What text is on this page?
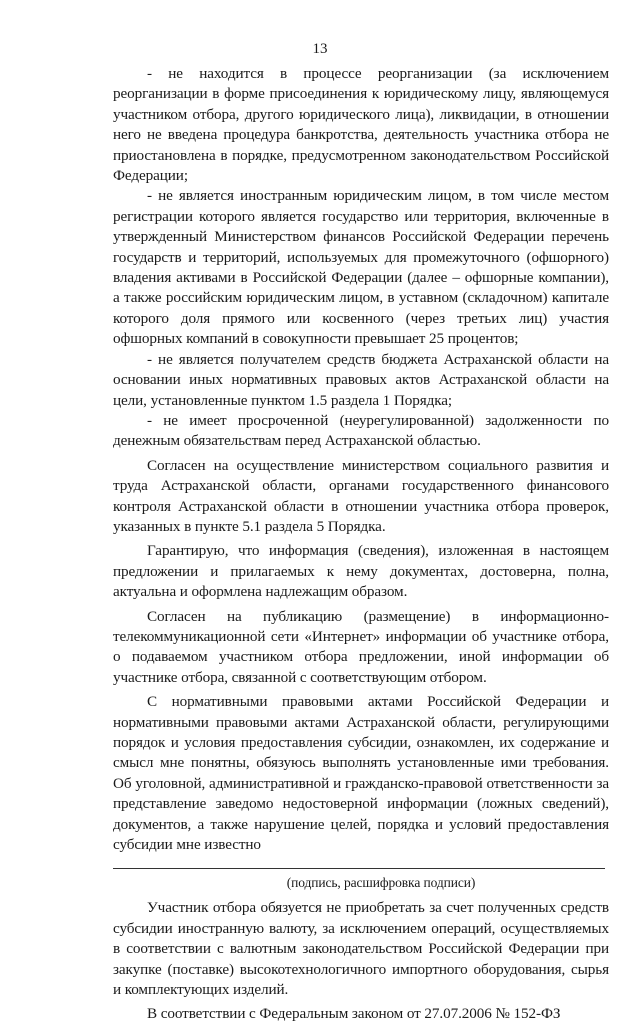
13

- не находится в процессе реорганизации (за исключением реорганизации в форме присоединения к юридическому лицу, являющемуся участником отбора, другого юридического лица), ликвидации, в отношении него не введена процедура банкротства, деятельность участника отбора не приостановлена в порядке, предусмотренном законодательством Российской Федерации;

- не является иностранным юридическим лицом, в том числе местом регистрации которого является государство или территория, включенные в утвержденный Министерством финансов Российской Федерации перечень государств и территорий, используемых для промежуточного (офшорного) владения активами в Российской Федерации (далее – офшорные компании), а также российским юридическим лицом, в уставном (складочном) капитале которого доля прямого или косвенного (через третьих лиц) участия офшорных компаний в совокупности превышает 25 процентов;

- не является получателем средств бюджета Астраханской области на основании иных нормативных правовых актов Астраханской области на цели, установленные пунктом 1.5 раздела 1 Порядка;

- не имеет просроченной (неурегулированной) задолженности по денежным обязательствам перед Астраханской областью.

Согласен на осуществление министерством социального развития и труда Астраханской области, органами государственного финансового контроля Астраханской области в отношении участника отбора проверок, указанных в пункте 5.1 раздела 5 Порядка.

Гарантирую, что информация (сведения), изложенная в настоящем предложении и прилагаемых к нему документах, достоверна, полна, актуальна и оформлена надлежащим образом.

Согласен на публикацию (размещение) в информационно-телекоммуникационной сети «Интернет» информации об участнике отбора, о подаваемом участником отбора предложении, иной информации об участнике отбора, связанной с соответствующим отбором.

С нормативными правовыми актами Российской Федерации и нормативными правовыми актами Астраханской области, регулирующими порядок и условия предоставления субсидии, ознакомлен, их содержание и смысл мне понятны, обязуюсь выполнять установленные ими требования. Об уголовной, административной и гражданско-правовой ответственности за представление заведомо недостоверной информации (ложных сведений), документов, а также нарушение целей, порядка и условий предоставления субсидии мне известно

(подпись, расшифровка подписи)

Участник отбора обязуется не приобретать за счет полученных средств субсидии иностранную валюту, за исключением операций, осуществляемых в соответствии с валютным законодательством Российской Федерации при закупке (поставке) высокотехнологичного импортного оборудования, сырья и комплектующих изделий.

В соответствии с Федеральным законом от 27.07.2006 № 152-ФЗ
